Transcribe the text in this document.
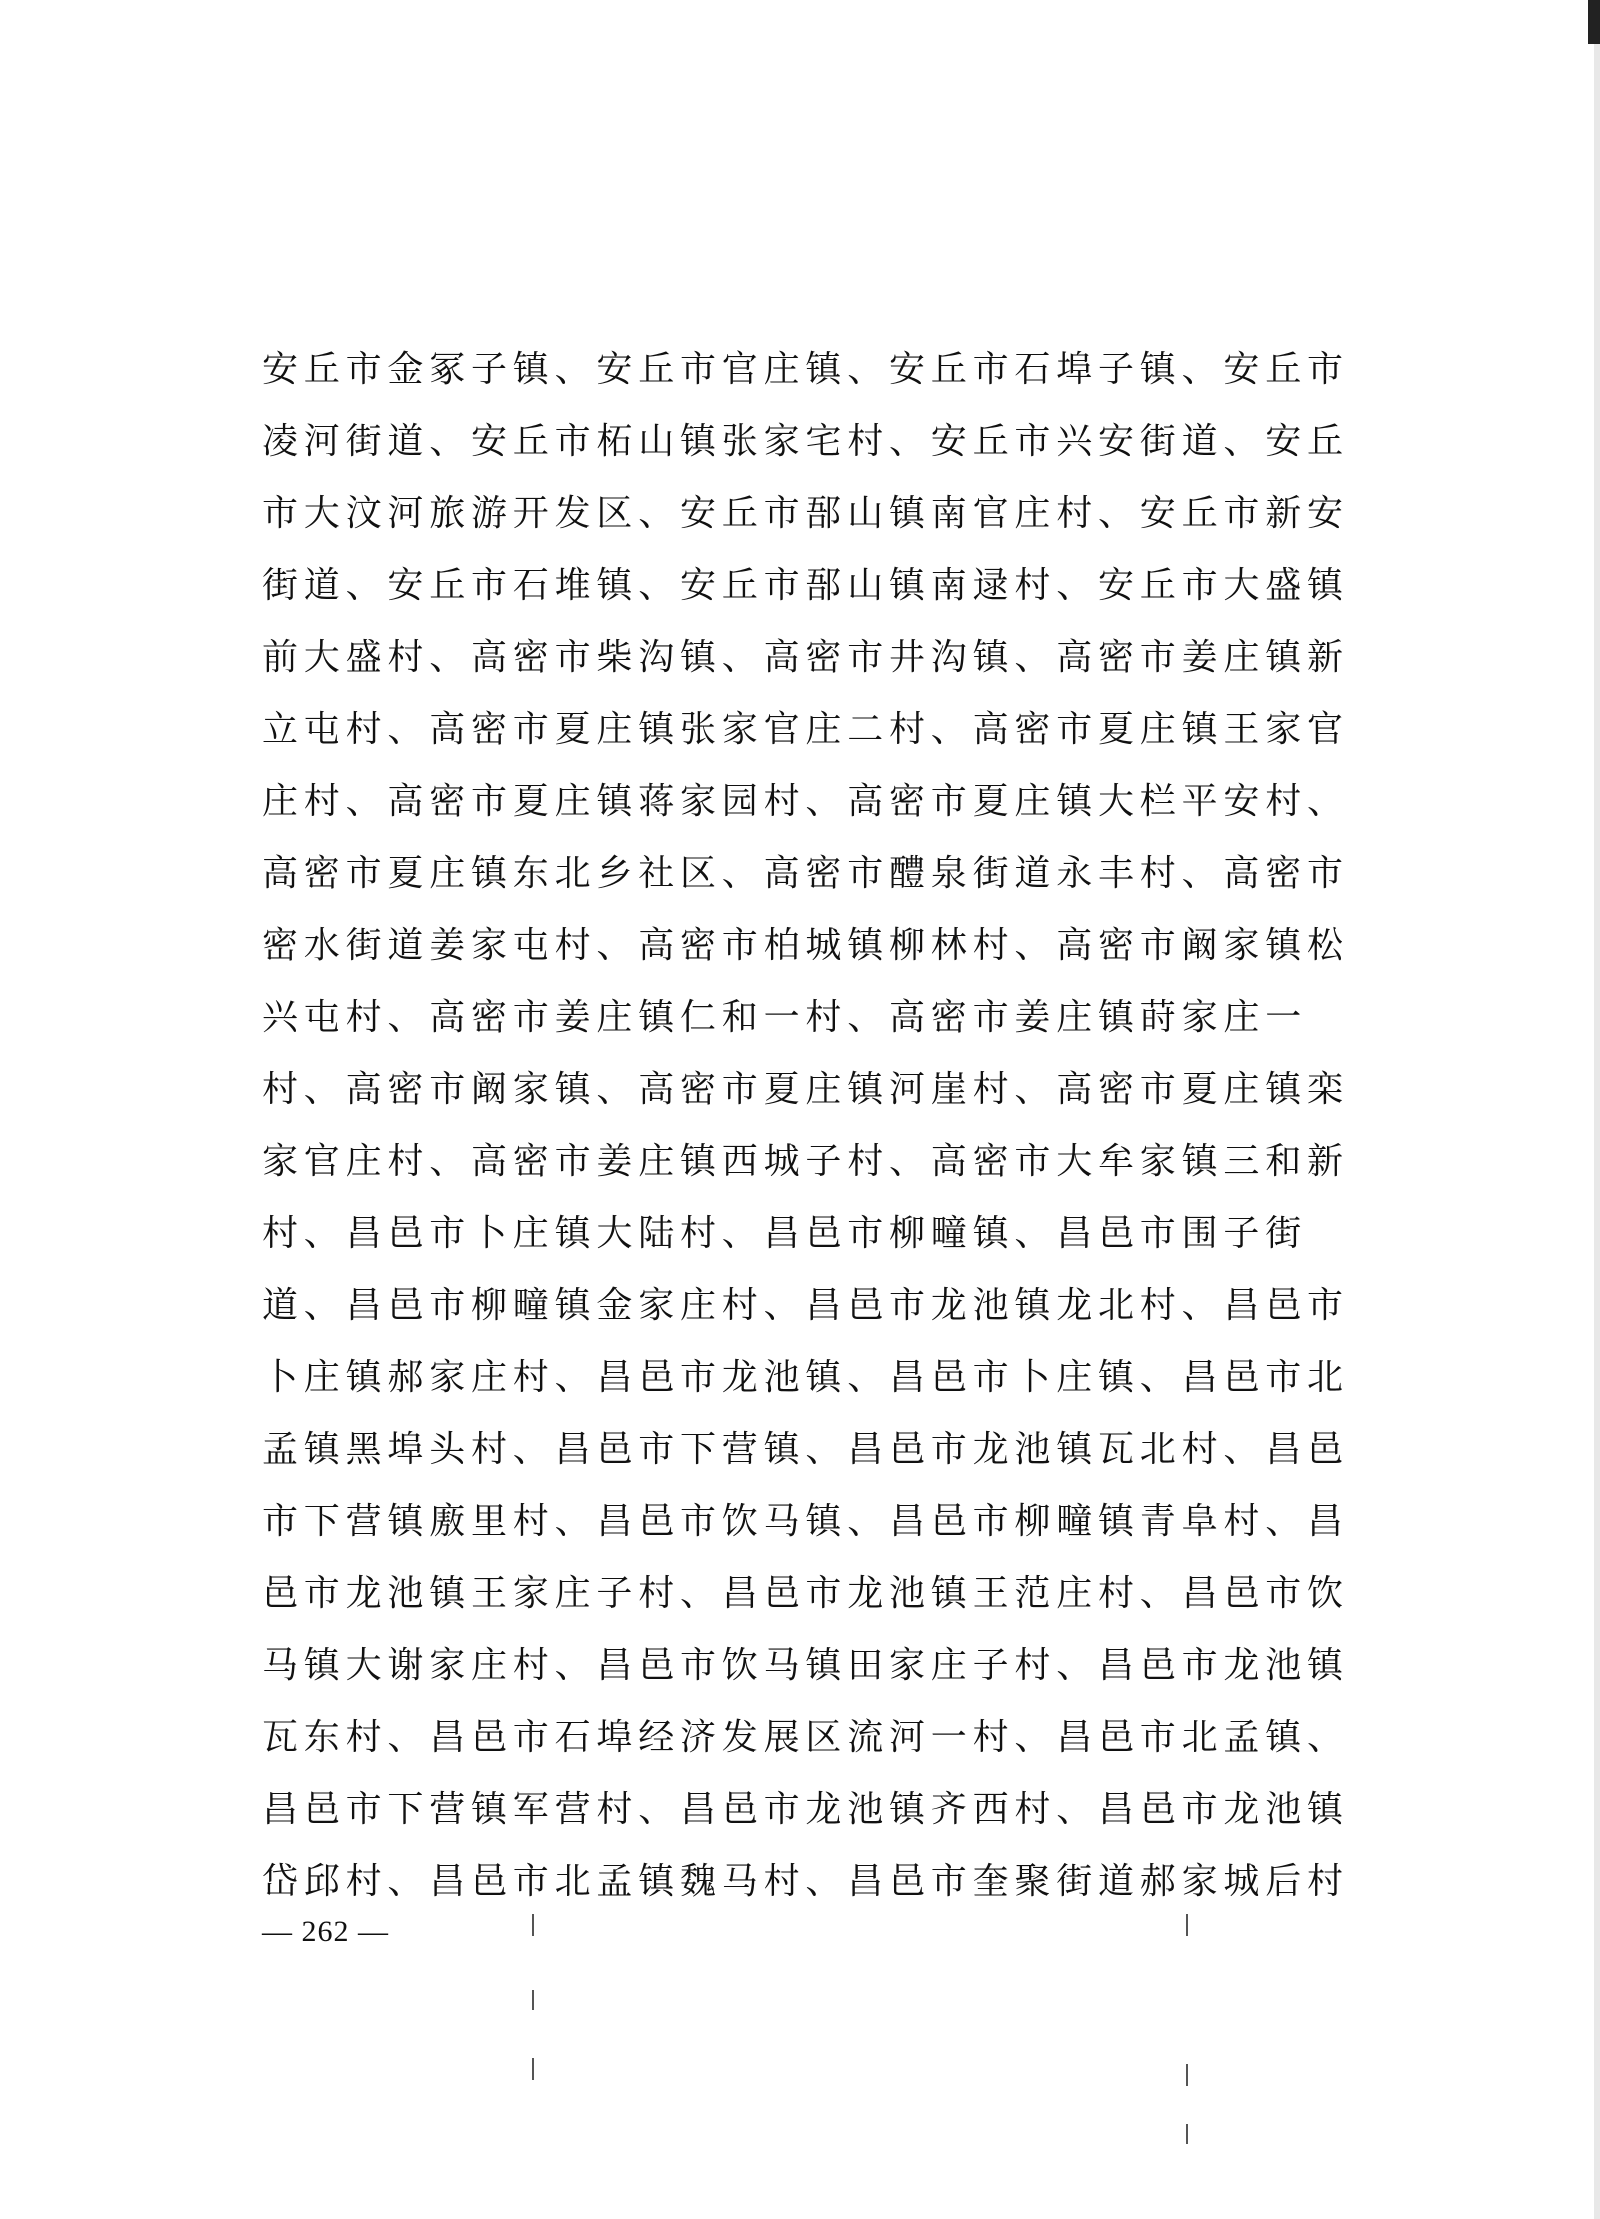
安丘市金冢子镇、安丘市官庄镇、安丘市石埠子镇、安丘市
凌河街道、安丘市柘山镇张家宅村、安丘市兴安街道、安丘
市大汶河旅游开发区、安丘市郚山镇南官庄村、安丘市新安
街道、安丘市石堆镇、安丘市郚山镇南逯村、安丘市大盛镇
前大盛村、高密市柴沟镇、高密市井沟镇、高密市姜庄镇新
立屯村、高密市夏庄镇张家官庄二村、高密市夏庄镇王家官
庄村、高密市夏庄镇蒋家园村、高密市夏庄镇大栏平安村、
高密市夏庄镇东北乡社区、高密市醴泉街道永丰村、高密市
密水街道姜家屯村、高密市柏城镇柳林村、高密市阚家镇松
兴屯村、高密市姜庄镇仁和一村、高密市姜庄镇莳家庄一
村、高密市阚家镇、高密市夏庄镇河崖村、高密市夏庄镇栾
家官庄村、高密市姜庄镇西城子村、高密市大牟家镇三和新
村、昌邑市卜庄镇大陆村、昌邑市柳疃镇、昌邑市围子街
道、昌邑市柳疃镇金家庄村、昌邑市龙池镇龙北村、昌邑市
卜庄镇郝家庄村、昌邑市龙池镇、昌邑市卜庄镇、昌邑市北
孟镇黑埠头村、昌邑市下营镇、昌邑市龙池镇瓦北村、昌邑
市下营镇廒里村、昌邑市饮马镇、昌邑市柳疃镇青阜村、昌
邑市龙池镇王家庄子村、昌邑市龙池镇王范庄村、昌邑市饮
马镇大谢家庄村、昌邑市饮马镇田家庄子村、昌邑市龙池镇
瓦东村、昌邑市石埠经济发展区流河一村、昌邑市北孟镇、
昌邑市下营镇军营村、昌邑市龙池镇齐西村、昌邑市龙池镇
岱邱村、昌邑市北孟镇魏马村、昌邑市奎聚街道郝家城后村
— 262 —
